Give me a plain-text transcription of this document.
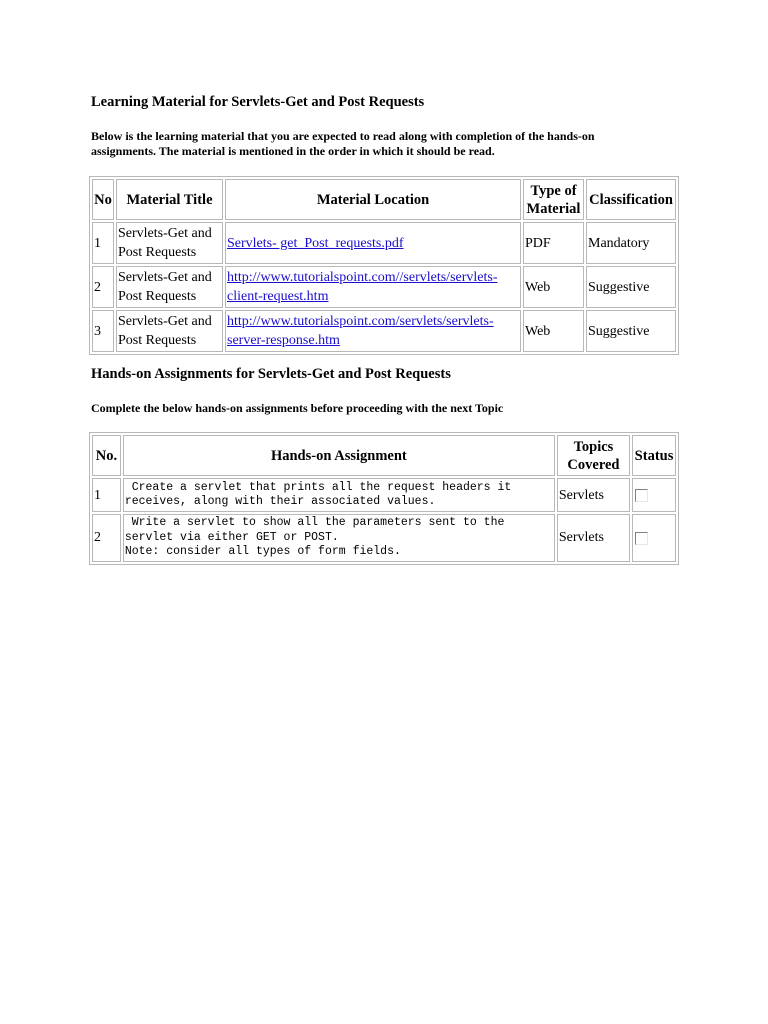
Learning Material for Servlets-Get and Post Requests

Below is the learning material that you are expected to read along with completion of the hands-on assignments. The material is mentioned in the order in which it should be read.

No	Material Title	Material Location	Type of Material	Classification
1	Servlets-Get and Post Requests	Servlets- get_Post_requests.pdf	PDF	Mandatory
2	Servlets-Get and Post Requests	http://www.tutorialspoint.com//servlets/servlets-client-request.htm	Web	Suggestive
3	Servlets-Get and Post Requests	http://www.tutorialspoint.com/servlets/servlets-server-response.htm	Web	Suggestive
Hands-on Assignments for Servlets-Get and Post Requests

Complete the below hands-on assignments before proceeding with the next Topic

No.	Hands-on Assignment	Topics Covered	Status
1	Create a servlet that prints all the request headers it
receives, along with their associated values.	Servlets	
2	Write a servlet to show all the parameters sent to the
servlet via either GET or POST.
Note: consider all types of form fields.	Servlets	
